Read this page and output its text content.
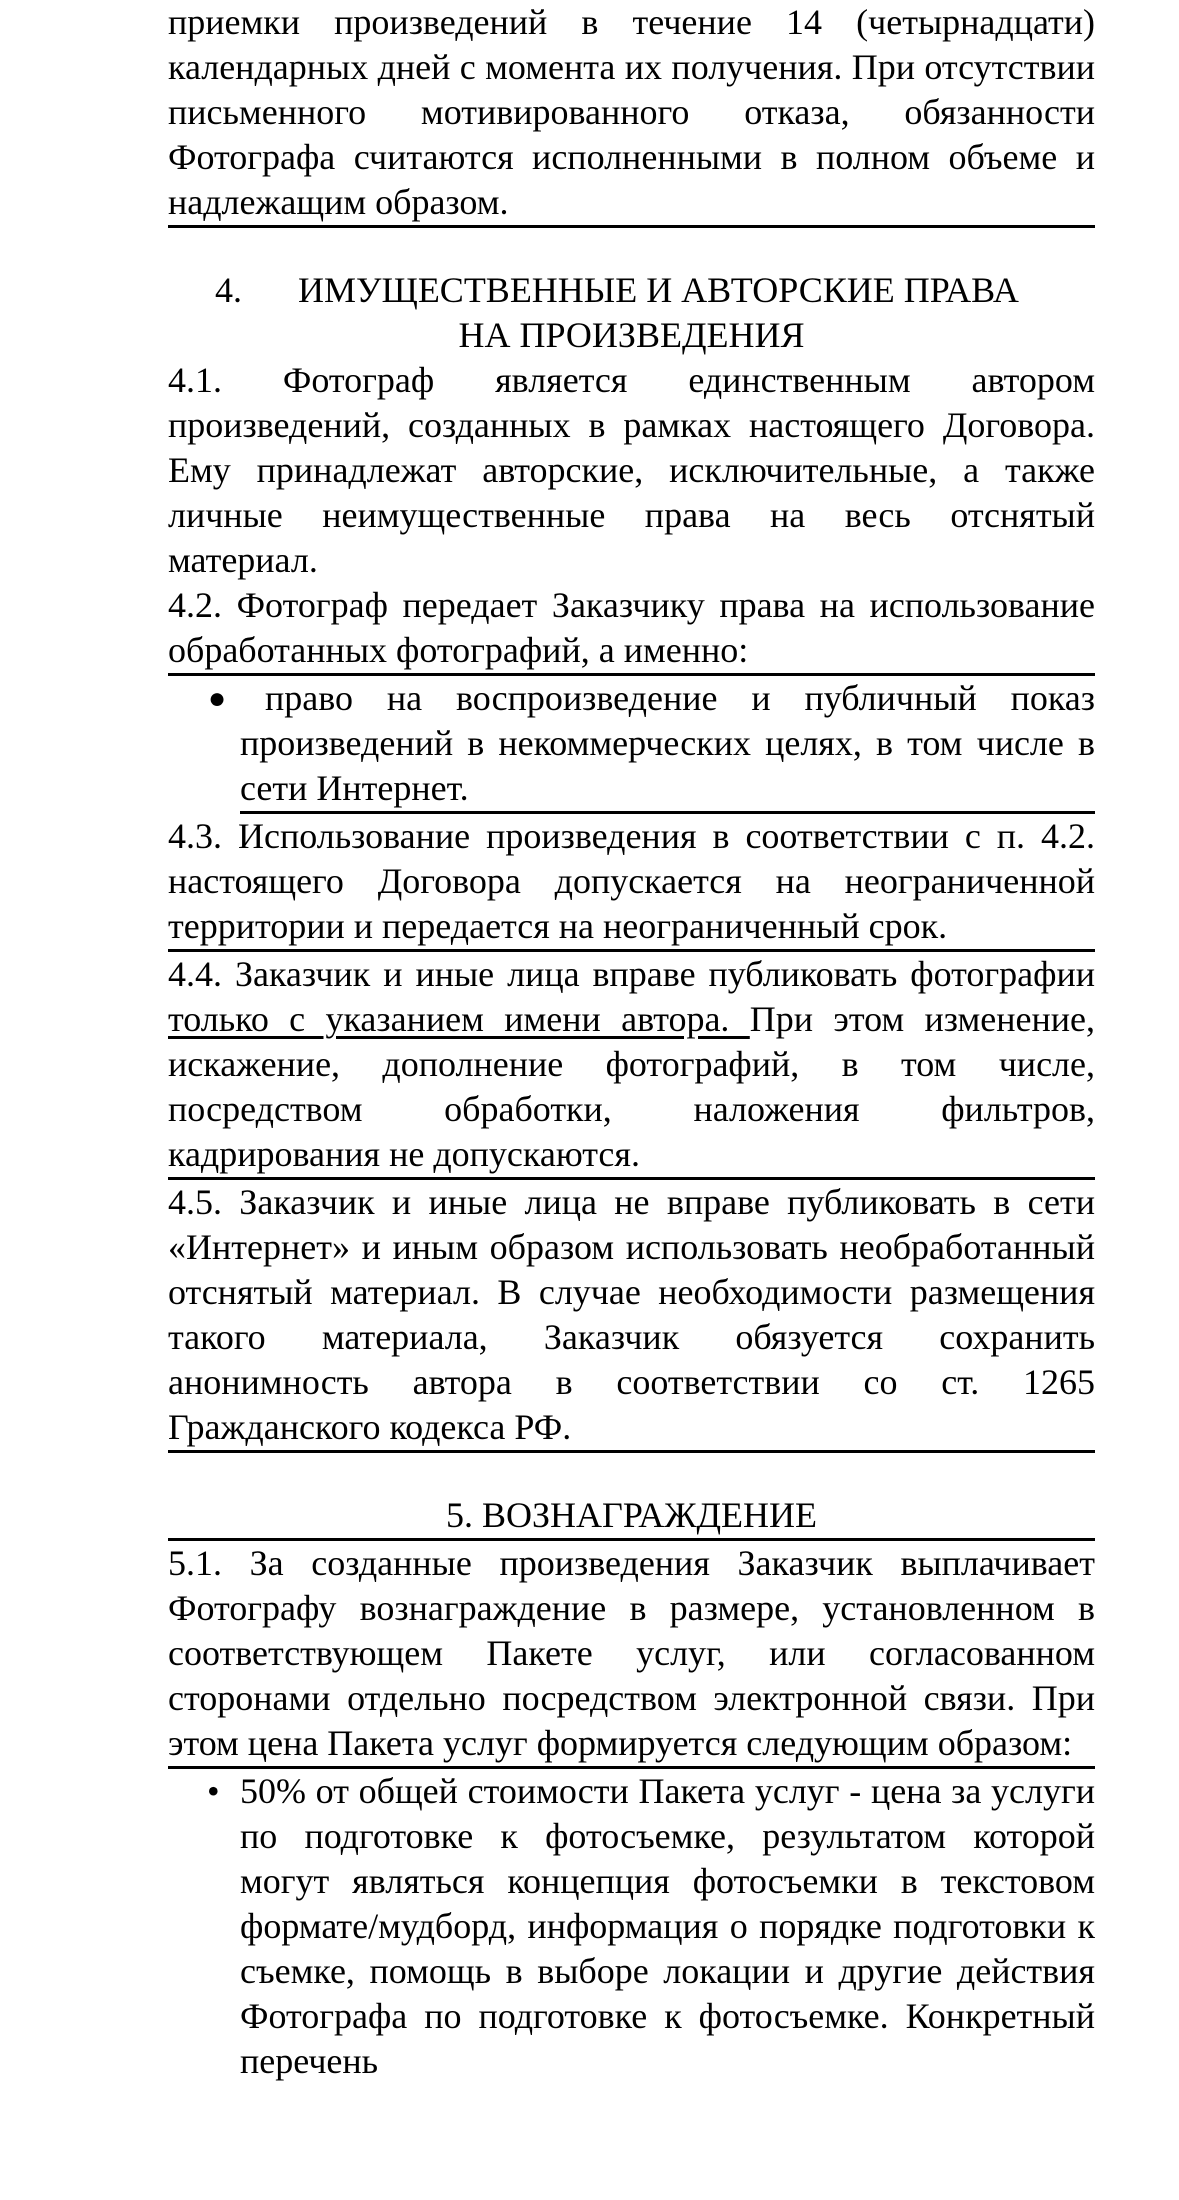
приемки произведений в течение 14 (четырнадцати) календарных дней с момента их получения. При отсутствии письменного мотивированного отказа, обязанности Фотографа считаются исполненными в полном объеме и надлежащим образом.

4. ИМУЩЕСТВЕННЫЕ И АВТОРСКИЕ ПРАВА

НА ПРОИЗВЕДЕНИЯ

4.1. Фотограф является единственным автором произведений, созданных в рамках настоящего Договора. Ему принадлежат авторские, исключительные, а также личные неимущественные права на весь отснятый материал.

4.2. Фотограф передает Заказчику права на использование обработанных фотографий, а именно:

● право на воспроизведение и публичный показ произведений в некоммерческих целях, в том числе в сети Интернет.

4.3. Использование произведения в соответствии с п. 4.2. настоящего Договора допускается на неограниченной территории и передается на неограниченный срок.

4.4. Заказчик и иные лица вправе публиковать фотографии только с указанием имени автора. При этом изменение, искажение, дополнение фотографий, в том числе, посредством обработки, наложения фильтров, кадрирования не допускаются.

4.5. Заказчик и иные лица не вправе публиковать в сети «Интернет» и иным образом использовать необработанный отснятый материал. В случае необходимости размещения такого материала, Заказчик обязуется сохранить анонимность автора в соответствии со ст. 1265 Гражданского кодекса РФ.

5. ВОЗНАГРАЖДЕНИЕ

5.1. За созданные произведения Заказчик выплачивает Фотографу вознаграждение в размере, установленном в соответствующем Пакете услуг, или согласованном сторонами отдельно посредством электронной связи. При этом цена Пакета услуг формируется следующим образом:

• 50% от общей стоимости Пакета услуг - цена за услуги по подготовке к фотосъемке, результатом которой могут являться концепция фотосъемки в текстовом формате/мудборд, информация о порядке подготовки к съемке, помощь в выборе локации и другие действия Фотографа по подготовке к фотосъемке. Конкретный перечень
